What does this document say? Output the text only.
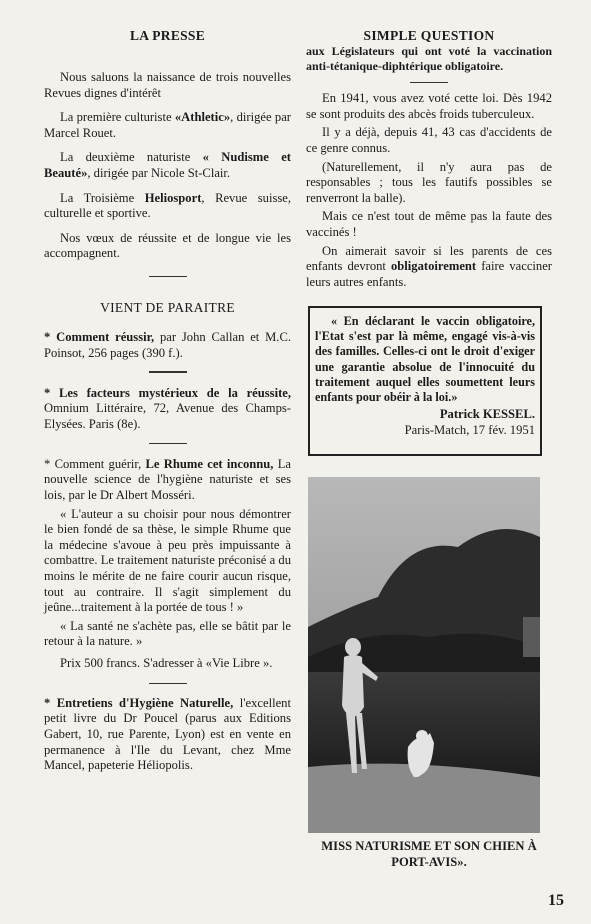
LA PRESSE

Nous saluons la naissance de trois nouvelles Revues dignes d'intérêt

La première culturiste «Athletic», dirigée par Marcel Rouet.

La deuxième naturiste « Nudisme et Beauté», dirigée par Nicole St-Clair.

La Troisième Heliosport, Revue suisse, culturelle et sportive.

Nos vœux de réussite et de longue vie les accompagnent.

VIENT DE PARAITRE

* Comment réussir, par John Callan et M.C. Poinsot, 256 pages (390 f.).

* Les facteurs mystérieux de la réussite, Omnium Littéraire, 72, Avenue des Champs-Elysées. Paris (8e).

* Comment guérir, Le Rhume cet inconnu, La nouvelle science de l'hygiène naturiste et ses lois, par le Dr Albert Mosséri.

« L'auteur a su choisir pour nous démontrer le bien fondé de sa thèse, le simple Rhume que la médecine s'avoue à peu près impuissante à combattre. Le traitement naturiste préconisé a du moins le mérite de ne faire courir aucun risque, tout au contraire. Il s'agit simplement du jeûne...traitement à la portée de tous ! »

« La santé ne s'achète pas, elle se bâtit par le retour à la nature. »

Prix 500 francs. S'adresser à «Vie Libre ».

* Entretiens d'Hygiène Naturelle, l'excellent petit livre du Dr Poucel (parus aux Editions Gabert, 10, rue Parente, Lyon) est en vente en permanence à l'Ile du Levant, chez Mme Mancel, papeterie Héliopolis.

SIMPLE QUESTION

aux Législateurs qui ont voté la vaccination anti-tétanique-diphtérique obligatoire.

En 1941, vous avez voté cette loi. Dès 1942 se sont produits des abcès froids tuberculeux.

Il y a déjà, depuis 41, 43 cas d'accidents de ce genre connus.

(Naturellement, il n'y aura pas de responsables ; tous les fautifs possibles se renverront la balle).

Mais ce n'est tout de même pas la faute des vaccinés !

On aimerait savoir si les parents de ces enfants devront obligatoirement faire vacciner leurs autres enfants.

« En déclarant le vaccin obligatoire, l'Etat s'est par là même, engagé vis-à-vis des familles. Celles-ci ont le droit d'exiger une garantie absolue de l'innocuité du traitement auquel elles soumettent leurs enfants pour obéir à la loi.»

Patrick KESSEL.
Paris-Match, 17 fév. 1951
MISS NATURISME ET SON CHIEN À PORT-AVIS».
15
